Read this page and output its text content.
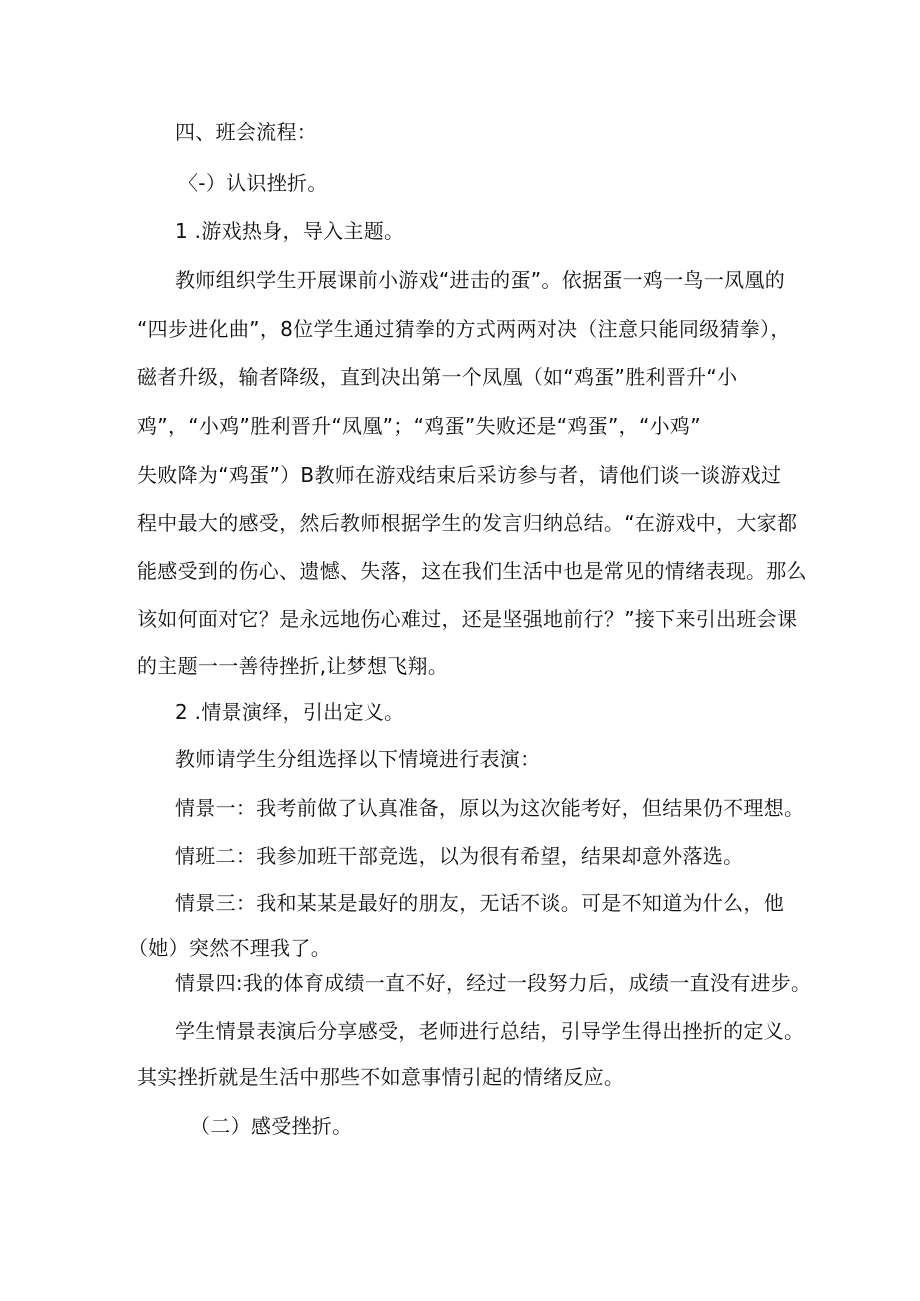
四、班会流程：

〈-）认识挫折。

1 .游戏热身，导入主题。

教师组织学生开展课前小游戏“进击的蛋”。依据蛋一鸡一鸟一凤凰的

“四步进化曲”，8位学生通过猜拳的方式两两对决（注意只能同级猜拳），

磁者升级，输者降级，直到决出第一个凤凰（如“鸡蛋”胜利晋升“小

鸡”，“小鸡”胜利晋升“凤凰”；“鸡蛋”失败还是“鸡蛋”，“小鸡”

失败降为“鸡蛋”）B教师在游戏结束后采访参与者，请他们谈一谈游戏过

程中最大的感受，然后教师根据学生的发言归纳总结。“在游戏中，大家都

能感受到的伤心、遗憾、失落，这在我们生活中也是常见的情绪表现。那么

该如何面对它？是永远地伤心难过，还是坚强地前行？”接下来引出班会课

的主题一一善待挫折,让梦想飞翔。

2 .情景演绎，引出定义。

教师请学生分组选择以下情境进行表演：

情景一：我考前做了认真准备，原以为这次能考好，但结果仍不理想。

情班二：我参加班干部竞选，以为很有希望，结果却意外落选。

情景三：我和某某是最好的朋友，无话不谈。可是不知道为什么，他

（她）突然不理我了。

情景四:我的体育成绩一直不好，经过一段努力后，成绩一直没有进步。

学生情景表演后分享感受，老师进行总结，引导学生得出挫折的定义。

其实挫折就是生活中那些不如意事情引起的情绪反应。

（二）感受挫折。
